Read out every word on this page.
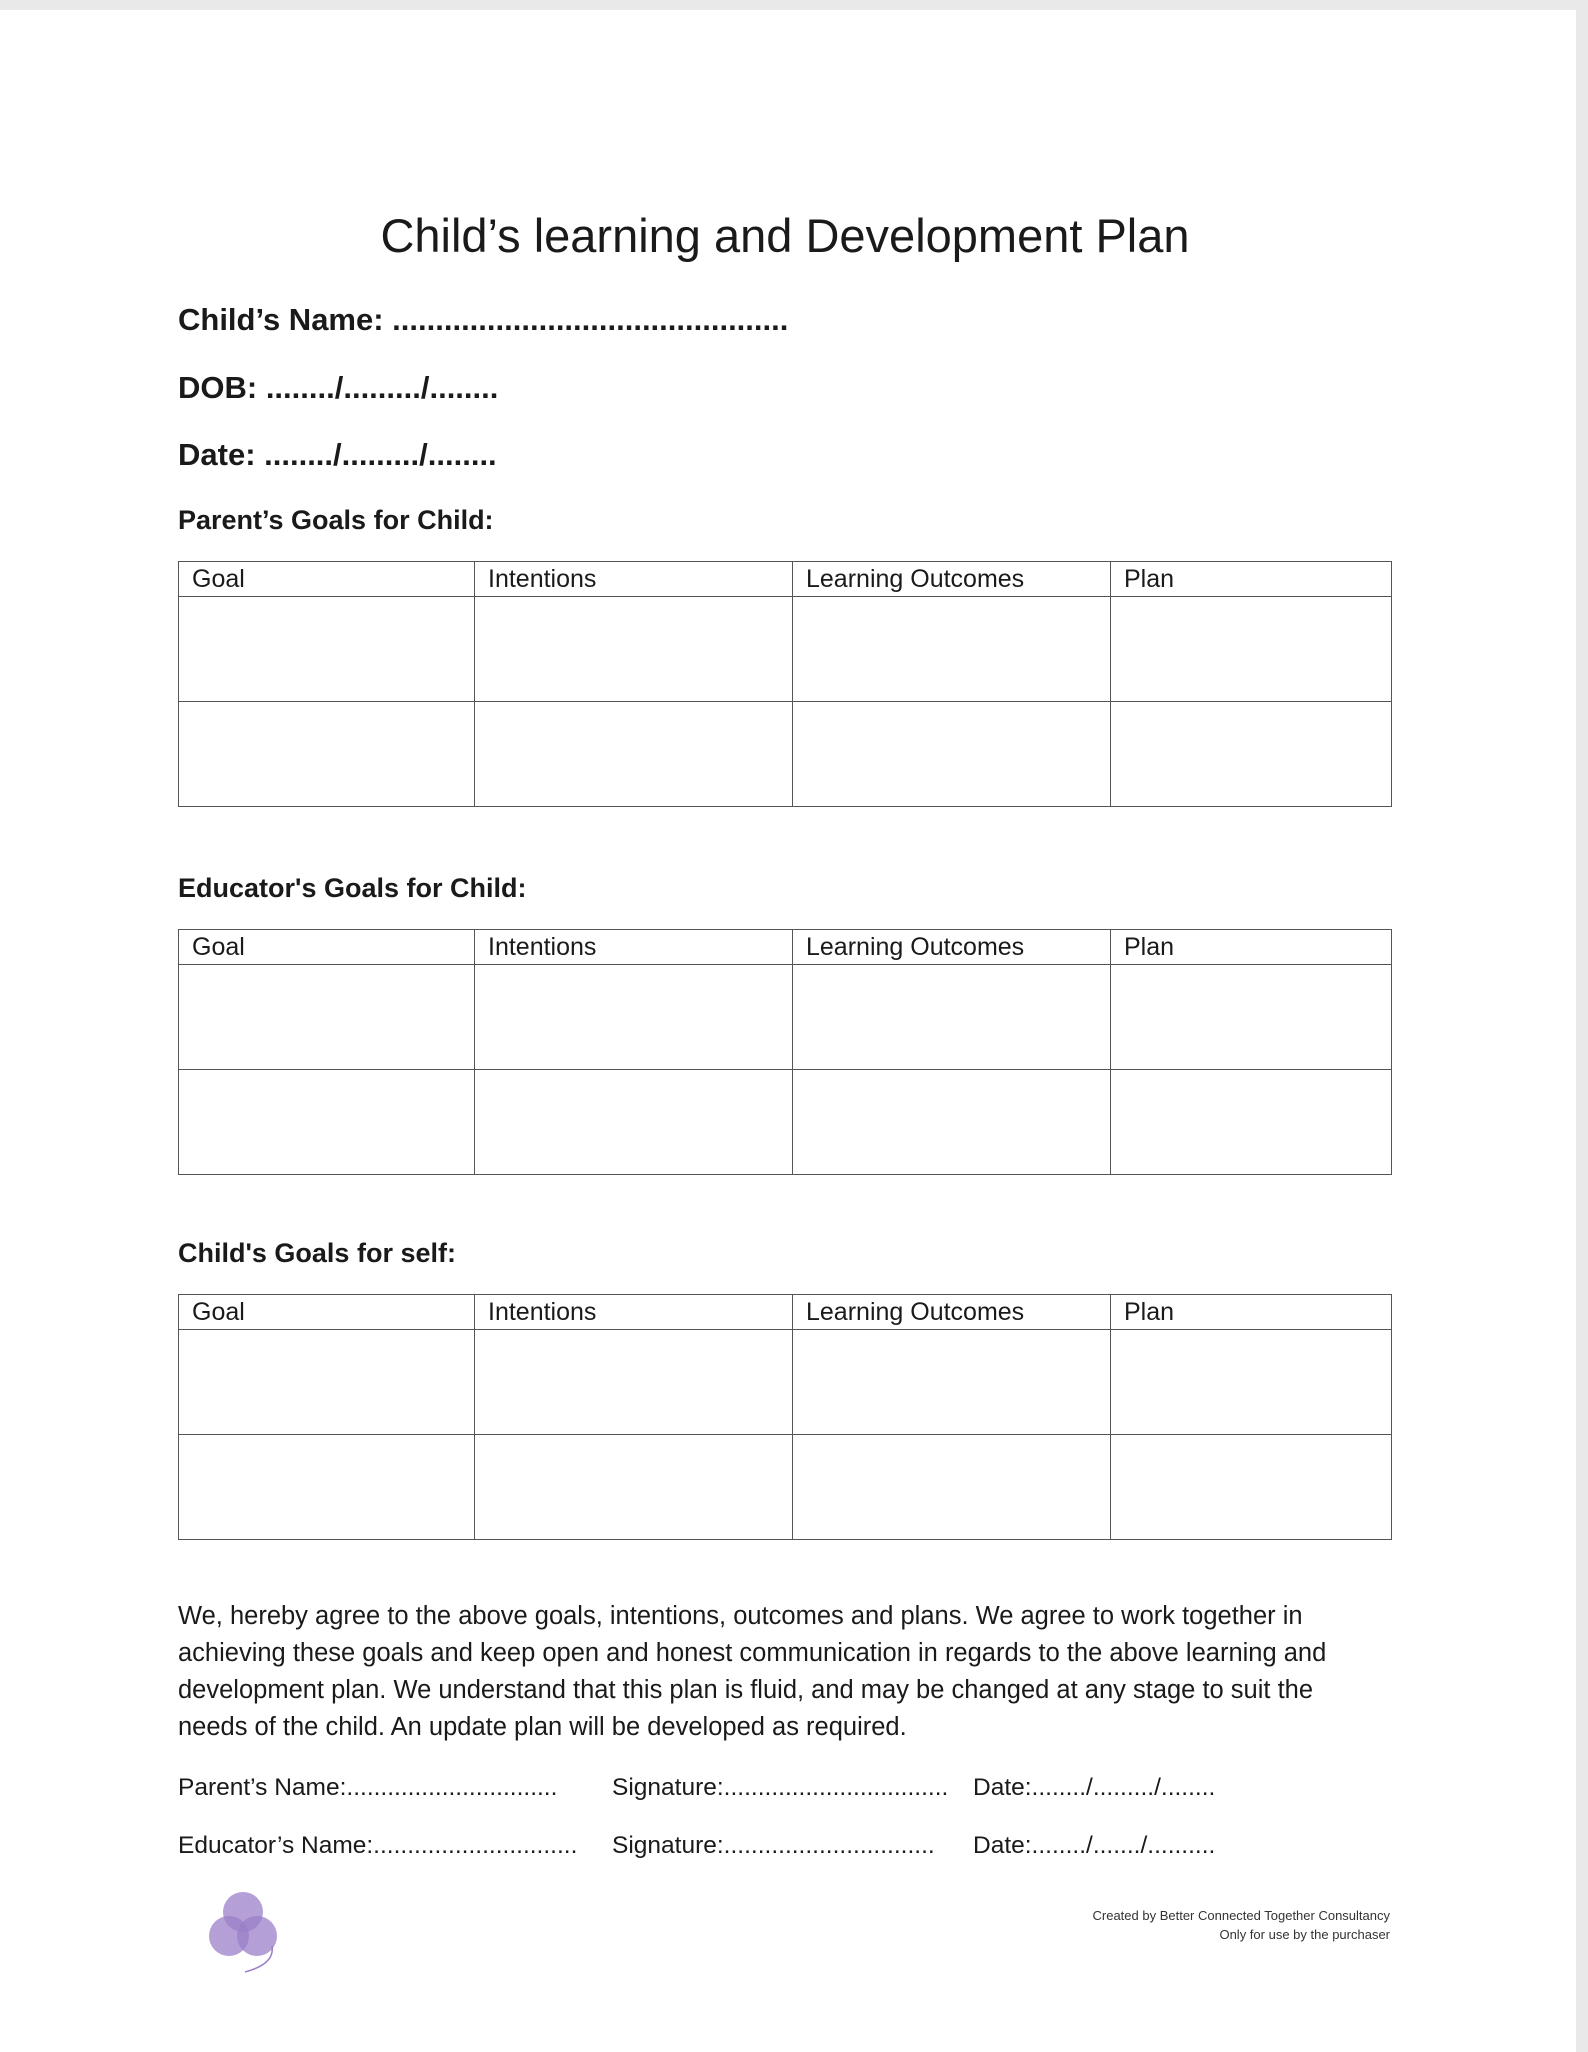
Child’s learning and Development Plan
Child’s Name: ..............................................
DOB: ......../........./........
Date: ......../........./........
Parent’s Goals for Child:
Goal	Intentions	Learning Outcomes	Plan

Educator's Goals for Child:
Goal	Intentions	Learning Outcomes	Plan

Child's Goals for self:
Goal	Intentions	Learning Outcomes	Plan

We, hereby agree to the above goals, intentions, outcomes and plans. We agree to work together in achieving these goals and keep open and honest communication in regards to the above learning and development plan. We understand that this plan is fluid, and may be changed at any stage to suit the needs of the child. An update plan will be developed as required.

Parent’s Name:............................... Signature:................................. Date:......../........./........
Educator’s Name:.............................. Signature:............................... Date:......../......./..........
Created by Better Connected Together Consultancy
Only for use by the purchaser
